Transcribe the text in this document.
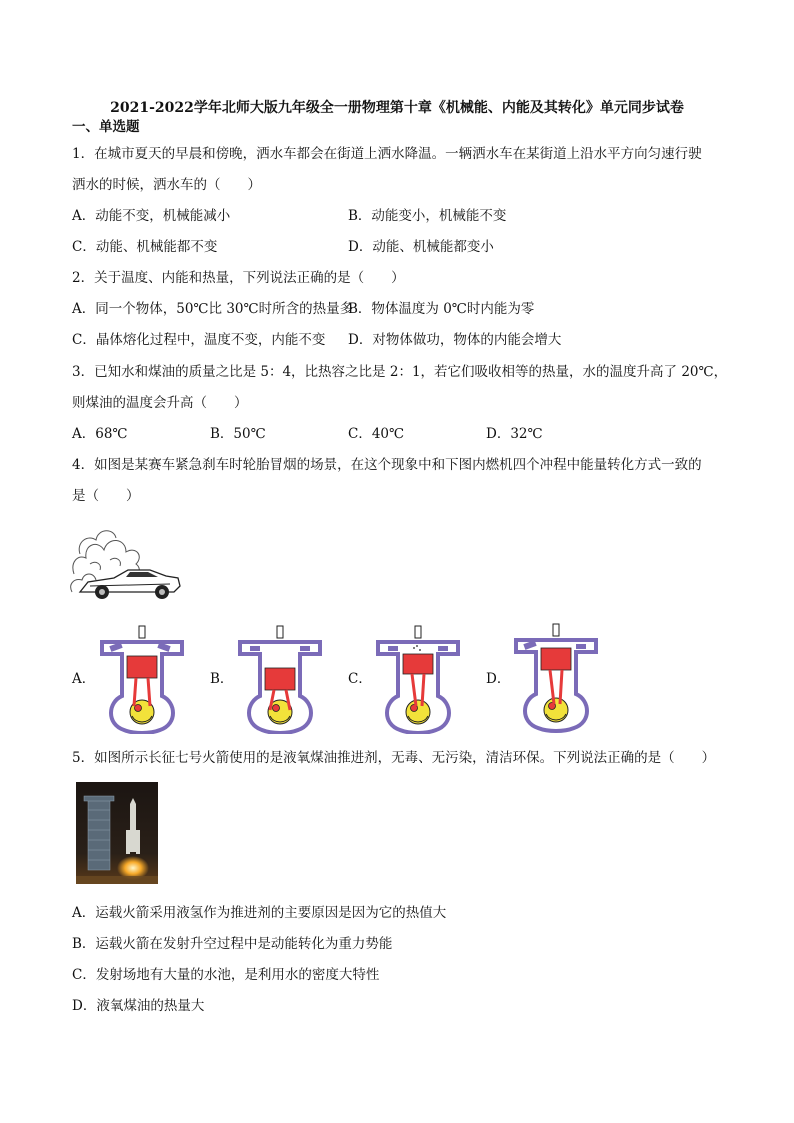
2021-2022学年北师大版九年级全一册物理第十章《机械能、内能及其转化》单元同步试卷
一、单选题
1．在城市夏天的早晨和傍晚，洒水车都会在街道上洒水降温。一辆洒水车在某街道上沿水平方向匀速行驶
洒水的时候，洒水车的（　　）
A．动能不变，机械能减小	B．动能变小，机械能不变
C．动能、机械能都不变	D．动能、机械能都变小
2．关于温度、内能和热量，下列说法正确的是（　　）
A．同一个物体，50℃比 30℃时所含的热量多
B．物体温度为 0℃时内能为零
C．晶体熔化过程中，温度不变，内能不变 D．对物体做功，物体的内能会增大
3．已知水和煤油的质量之比是 5：4，比热容之比是 2：1，若它们吸收相等的热量，水的温度升高了 20℃，
则煤油的温度会升高（　　）
A．68℃	B．50℃	C．40℃	D．32℃
4．如图是某赛车紧急刹车时轮胎冒烟的场景，在这个现象中和下图内燃机四个冲程中能量转化方式一致的
是（　　）
A．	B．	C．	D．
5．如图所示长征七号火箭使用的是液氧煤油推进剂，无毒、无污染，清洁环保。下列说法正确的是（　　）
A．运载火箭采用液氢作为推进剂的主要原因是因为它的热值大
B．运载火箭在发射升空过程中是动能转化为重力势能
C．发射场地有大量的水池，是利用水的密度大特性
D．液氧煤油的热量大
